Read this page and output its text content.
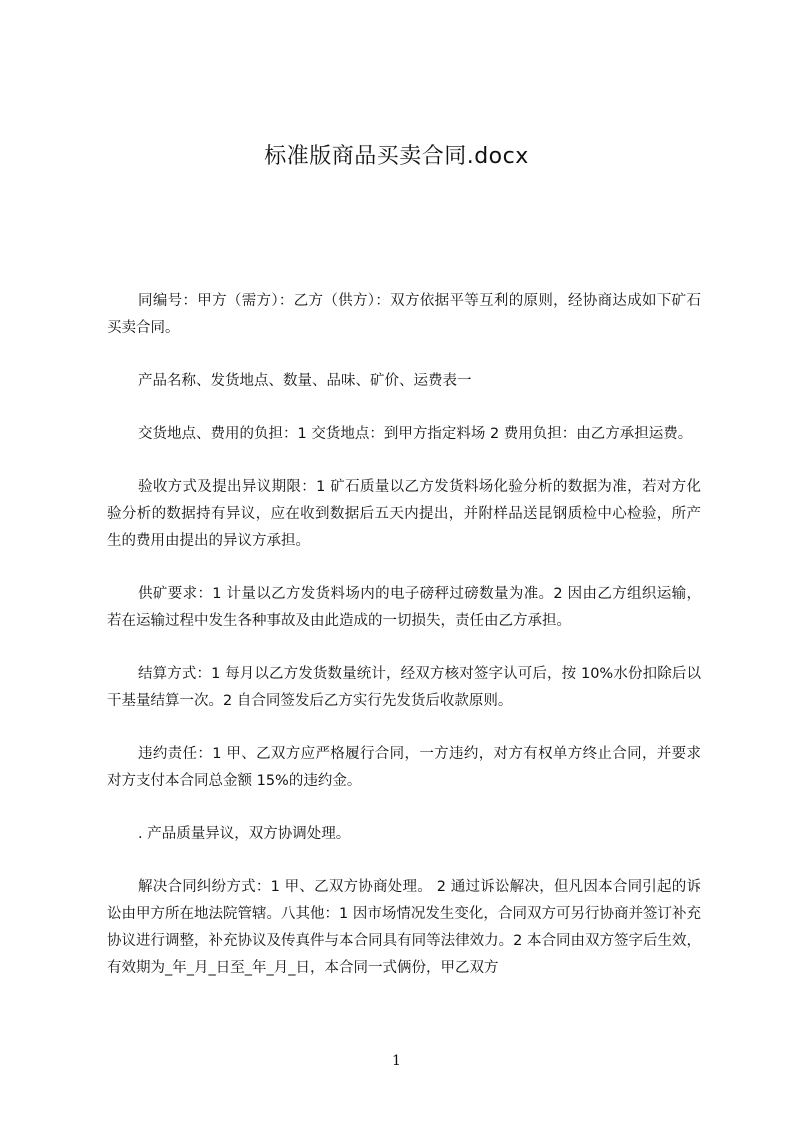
标准版商品买卖合同.docx

同编号：甲方（需方）：乙方（供方）：双方依据平等互利的原则，经协商达成如下矿石买卖合同。

产品名称、发货地点、数量、品味、矿价、运费表一

交货地点、费用的负担：1 交货地点：到甲方指定料场 2 费用负担：由乙方承担运费。

验收方式及提出异议期限：1 矿石质量以乙方发货料场化验分析的数据为准，若对方化验分析的数据持有异议，应在收到数据后五天内提出，并附样品送昆钢质检中心检验，所产生的费用由提出的异议方承担。

供矿要求：1 计量以乙方发货料场内的电子磅秤过磅数量为准。2 因由乙方组织运输，若在运输过程中发生各种事故及由此造成的一切损失，责任由乙方承担。

结算方式：1 每月以乙方发货数量统计，经双方核对签字认可后，按 10%水份扣除后以干基量结算一次。2 自合同签发后乙方实行先发货后收款原则。

违约责任：1 甲、乙双方应严格履行合同，一方违约，对方有权单方终止合同，并要求对方支付本合同总金额 15%的违约金。

. 产品质量异议，双方协调处理。

解决合同纠纷方式：1 甲、乙双方协商处理。 2 通过诉讼解决，但凡因本合同引起的诉讼由甲方所在地法院管辖。八其他：1 因市场情况发生变化，合同双方可另行协商并签订补充协议进行调整，补充协议及传真件与本合同具有同等法律效力。2 本合同由双方签字后生效，有效期为_年_月_日至_年_月_日，本合同一式俩份，甲乙双方

1
